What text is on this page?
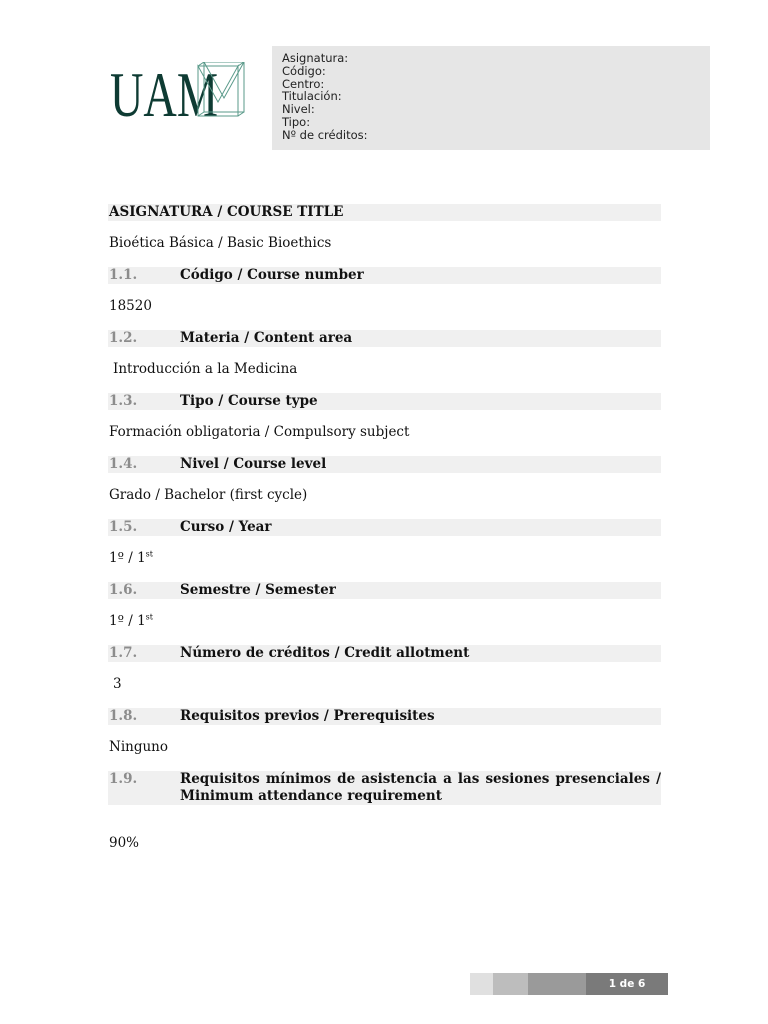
UAM
Asignatura:
Código:
Centro:
Titulación:
Nivel:
Tipo:
Nº de créditos:
ASIGNATURA / COURSE TITLE
Bioética Básica / Basic Bioethics
1.1.	Código / Course number
18520
1.2.	Materia / Content area
Introducción a la Medicina
1.3.	Tipo / Course type
Formación obligatoria / Compulsory subject
1.4.	Nivel / Course level
Grado / Bachelor (first cycle)
1.5.	Curso / Year
1º / 1st
1.6.	Semestre / Semester
1º / 1st
1.7.	Número de créditos / Credit allotment
3
1.8.	Requisitos previos / Prerequisites
Ninguno
1.9.	Requisitos mínimos de asistencia a las sesiones presenciales / Minimum attendance requirement
90%
1 de 6
